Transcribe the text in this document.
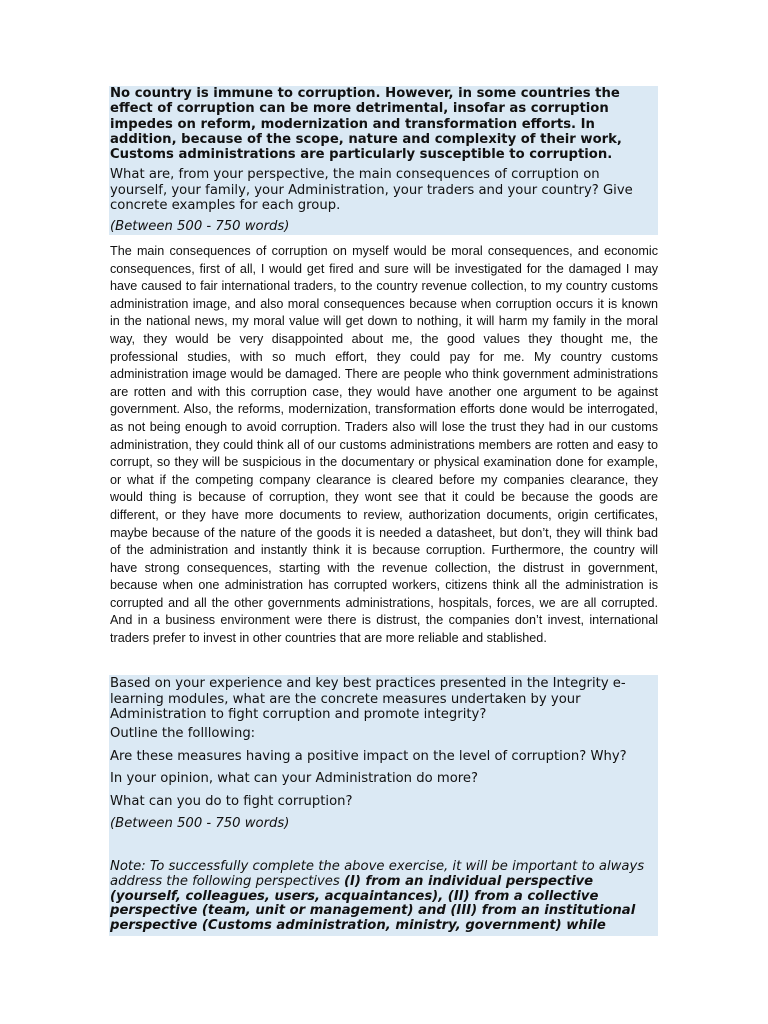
No country is immune to corruption. However, in some countries the effect of corruption can be more detrimental, insofar as corruption impedes on reform, modernization and transformation efforts. In addition, because of the scope, nature and complexity of their work, Customs administrations are particularly susceptible to corruption.

What are, from your perspective, the main consequences of corruption on yourself, your family, your Administration, your traders and your country? Give concrete examples for each group.

(Between 500 - 750 words)

The main consequences of corruption on myself would be moral consequences, and economic consequences, first of all, I would get fired and sure will be investigated for the damaged I may have caused to fair international traders, to the country revenue collection, to my country customs administration image, and also moral consequences because when corruption occurs it is known in the national news, my moral value will get down to nothing, it will harm my family in the moral way, they would be very disappointed about me, the good values they thought me, the professional studies, with so much effort, they could pay for me. My country customs administration image would be damaged. There are people who think government administrations are rotten and with this corruption case, they would have another one argument to be against government. Also, the reforms, modernization, transformation efforts done would be interrogated, as not being enough to avoid corruption. Traders also will lose the trust they had in our customs administration, they could think all of our customs administrations members are rotten and easy to corrupt, so they will be suspicious in the documentary or physical examination done for example, or what if the competing company clearance is cleared before my companies clearance, they would thing is because of corruption, they wont see that it could be because the goods are different, or they have more documents to review, authorization documents, origin certificates, maybe because of the nature of the goods it is needed a datasheet, but don’t, they will think bad of the administration and instantly think it is because corruption. Furthermore, the country will have strong consequences, starting with the revenue collection, the distrust in government, because when one administration has corrupted workers, citizens think all the administration is corrupted and all the other governments administrations, hospitals, forces, we are all corrupted. And in a business environment were there is distrust, the companies don’t invest, international traders prefer to invest in other countries that are more reliable and stablished.

Based on your experience and key best practices presented in the Integrity e-learning modules, what are the concrete measures undertaken by your Administration to fight corruption and promote integrity?

Outline the folllowing:

Are these measures having a positive impact on the level of corruption? Why?

In your opinion, what can your Administration do more?

What can you do to fight corruption?

(Between 500 - 750 words)

Note: To successfully complete the above exercise, it will be important to always address the following perspectives (I) from an individual perspective (yourself, colleagues, users, acquaintances), (II) from a collective perspective (team, unit or management) and (III) from an institutional perspective (Customs administration, ministry, government) while
